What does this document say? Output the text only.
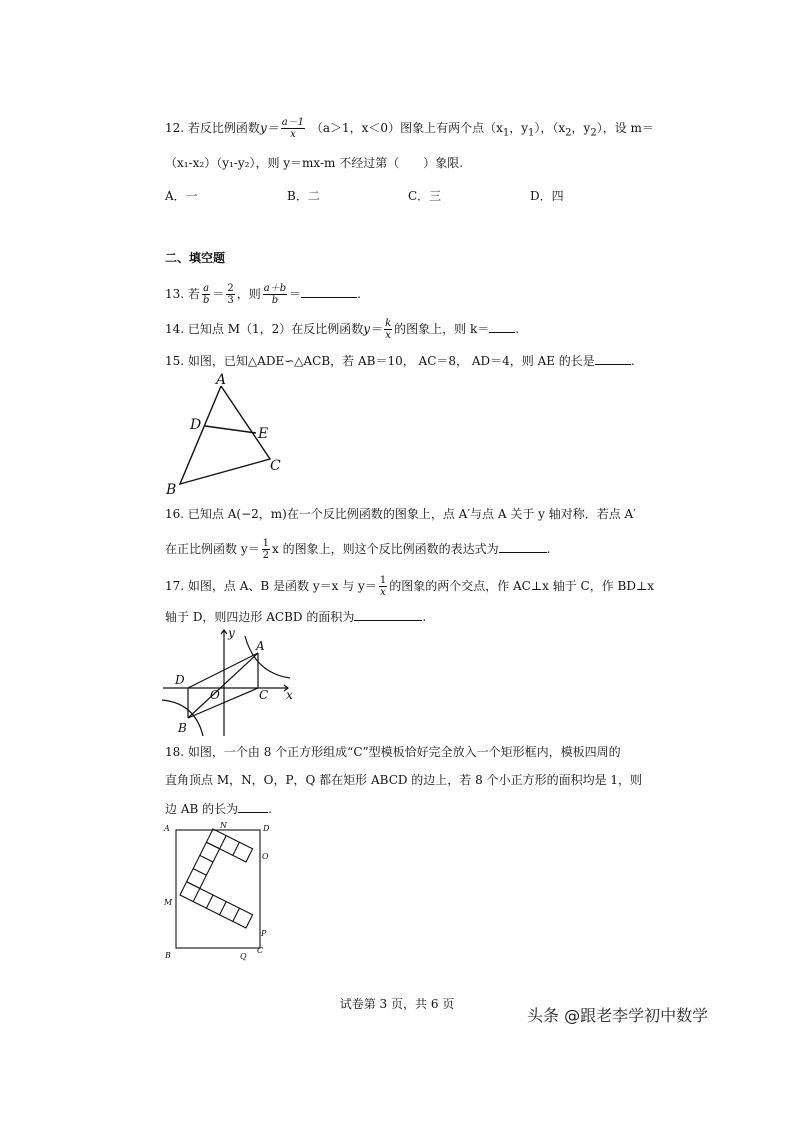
12. 若反比例函数$y= \frac{a-1}{x} (a>1$，x＜0）图象上有两个点（$x_1$，$y_1$），（$x_2$，$y_2$），设 m＝
（x₁-x₂）（y₁-y₂），则 y＝mx-m 不经过第（　　）象限.
A．一	B．二	C．三	D．四
二、填空题
13. 若 $\frac{a}{b} = \frac{2}{3}$ ，则 $\frac{a+b}{b}$ ＝	.
14. 已知点 M（1，2）在反比例函数$y= \frac{k}{x}$ 的图象上，则 k＝ .
15. 如图，已知△ADE∽△ACB，若 AB＝10， AC＝8， AD＝4，则 AE 的长是	.
A
D
E
C
B
16. 已知点 A(−2，m)在一个反比例函数的图象上，点 A′与点 A 关于 y 轴对称．若点 A′
在正比例函数 $y= \frac{1}{2}$ x 的图象上，则这个反比例函数的表达式为	.
17. 如图，点 A、B 是函数 y＝x 与 $y= \frac{1}{x}$ 的图象的两个交点，作 AC⊥x 轴于 C，作 BD⊥x
轴于 D，则四边形 ACBD 的面积为	.
y
A
D
O	C x
B
18. 如图，一个由 8 个正方形组成“C”型模板恰好完全放入一个矩形框内，模板四周的
直角顶点 M，N，O，P，Q 都在矩形 ABCD 的边上，若 8 个小正方形的面积均是 1，则
边 AB 的长为	.
A	N	D
O
M
P
B	Q
C
试卷第 3 页，共 6 页
头条 @跟老李学初中数学
